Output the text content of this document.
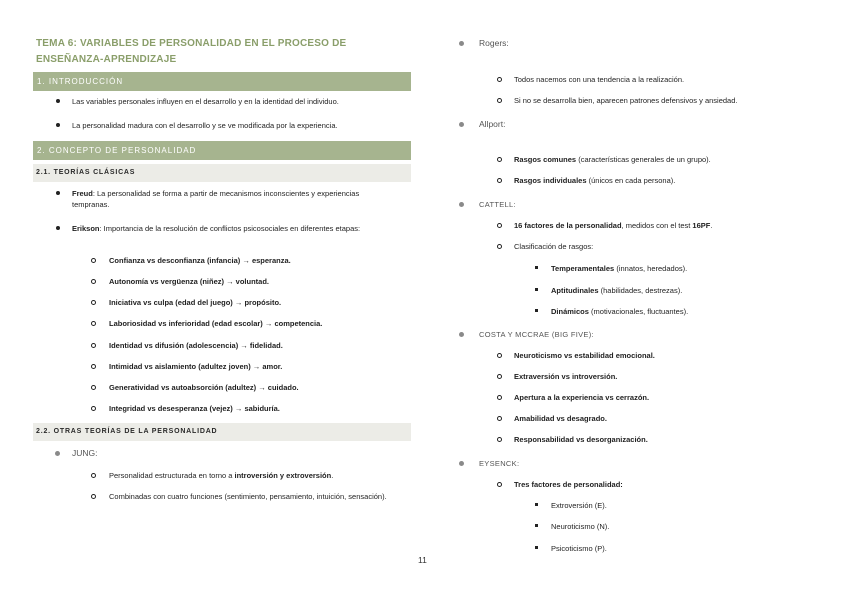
TEMA 6: VARIABLES DE PERSONALIDAD EN EL PROCESO DE ENSEÑANZA-APRENDIZAJE
1. INTRODUCCIÓN
Las variables personales influyen en el desarrollo y en la identidad del individuo.
La personalidad madura con el desarrollo y se ve modificada por la experiencia.
2. CONCEPTO DE PERSONALIDAD
2.1. TEORÍAS CLÁSICAS
Freud: La personalidad se forma a partir de mecanismos inconscientes y experiencias tempranas.
Erikson: Importancia de la resolución de conflictos psicosociales en diferentes etapas:
Confianza vs desconfianza (infancia) → esperanza.
Autonomía vs vergüenza (niñez) → voluntad.
Iniciativa vs culpa (edad del juego) → propósito.
Laboriosidad vs inferioridad (edad escolar) → competencia.
Identidad vs difusión (adolescencia) → fidelidad.
Intimidad vs aislamiento (adultez joven) → amor.
Generatividad vs autoabsorción (adultez) → cuidado.
Integridad vs desesperanza (vejez) → sabiduría.
2.2. OTRAS TEORÍAS DE LA PERSONALIDAD
JUNG:
Personalidad estructurada en torno a introversión y extroversión.
Combinadas con cuatro funciones (sentimiento, pensamiento, intuición, sensación).
Rogers:
Todos nacemos con una tendencia a la realización.
Si no se desarrolla bien, aparecen patrones defensivos y ansiedad.
Allport:
Rasgos comunes (características generales de un grupo).
Rasgos individuales (únicos en cada persona).
CATTELL:
16 factores de la personalidad, medidos con el test 16PF.
Clasificación de rasgos:
Temperamentales (innatos, heredados).
Aptitudinales (habilidades, destrezas).
Dinámicos (motivacionales, fluctuantes).
COSTA Y MCCRAE (BIG FIVE):
Neuroticismo vs estabilidad emocional.
Extraversión vs introversión.
Apertura a la experiencia vs cerrazón.
Amabilidad vs desagrado.
Responsabilidad vs desorganización.
EYSENCK:
Tres factores de personalidad:
Extroversión (E).
Neuroticismo (N).
Psicoticismo (P).
11
